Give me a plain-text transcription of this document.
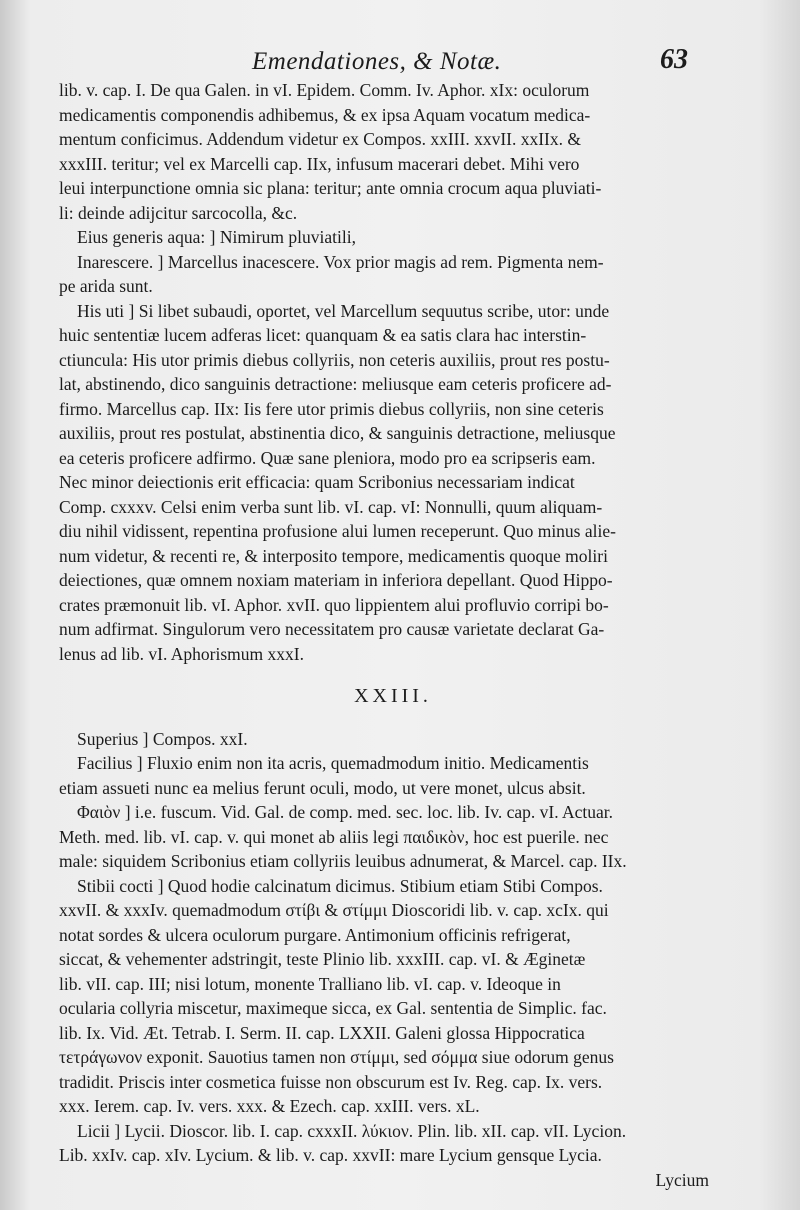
Emendationes, & Notæ.	63
lib. v. cap. I. De qua Galen. in vI. Epidem. Comm. Iv. Aphor. xIx: oculorum
medicamentis componendis adhibemus, & ex ipsa Aquam vocatum medica-
mentum conficimus. Addendum videtur ex Compos. xxIII. xxvII. xxIIx. &
xxxIII. teritur; vel ex Marcelli cap. IIx, infusum macerari debet. Mihi vero
leui interpunctione omnia sic plana: teritur; ante omnia crocum aqua pluviati-
li: deinde adijcitur sarcocolla, &c.
Eius generis aqua: ] Nimirum pluviatili,
Inarescere. ] Marcellus inacescere. Vox prior magis ad rem. Pigmenta nem-
pe arida sunt.
His uti ] Si libet subaudi, oportet, vel Marcellum sequutus scribe, utor: unde
huic sententiæ lucem adferas licet: quanquam & ea satis clara hac interstin-
ctiuncula: His utor primis diebus collyriis, non ceteris auxiliis, prout res postu-
lat, abstinendo, dico sanguinis detractione: meliusque eam ceteris proficere ad-
firmo. Marcellus cap. IIx: Iis fere utor primis diebus collyriis, non sine ceteris
auxiliis, prout res postulat, abstinentia dico, & sanguinis detractione, meliusque
ea ceteris proficere adfirmo. Quæ sane pleniora, modo pro ea scripseris eam.
Nec minor deiectionis erit efficacia: quam Scribonius necessariam indicat
Comp. cxxxv. Celsi enim verba sunt lib. vI. cap. vI: Nonnulli, quum aliquam-
diu nihil vidissent, repentina profusione alui lumen receperunt. Quo minus alie-
num videtur, & recenti re, & interposito tempore, medicamentis quoque moliri
deiectiones, quæ omnem noxiam materiam in inferiora depellant. Quod Hippo-
crates præmonuit lib. vI. Aphor. xvII. quo lippientem alui profluvio corripi bo-
num adfirmat. Singulorum vero necessitatem pro causæ varietate declarat Ga-
lenus ad lib. vI. Aphorismum xxxI.
XXIII.
Superius ] Compos. xxI.
Facilius ] Fluxio enim non ita acris, quemadmodum initio. Medicamentis
etiam assueti nunc ea melius ferunt oculi, modo, ut vere monet, ulcus absit.
Φαιὸν ] i.e. fuscum. Vid. Gal. de comp. med. sec. loc. lib. Iv. cap. vI. Actuar.
Meth. med. lib. vI. cap. v. qui monet ab aliis legi παιδικὸν, hoc est puerile. nec
male: siquidem Scribonius etiam collyriis leuibus adnumerat, & Marcel. cap. IIx.
Stibii cocti ] Quod hodie calcinatum dicimus. Stibium etiam Stibi Compos.
xxvII. & xxxIv. quemadmodum στίβι & στίμμι Dioscoridi lib. v. cap. xcIx. qui
notat sordes & ulcera oculorum purgare. Antimonium officinis refrigerat,
siccat, & vehementer adstringit, teste Plinio lib. xxxIII. cap. vI. & Æginetæ
lib. vII. cap. III; nisi lotum, monente Tralliano lib. vI. cap. v. Ideoque in
ocularia collyria miscetur, maximeque sicca, ex Gal. sententia de Simplic. fac.
lib. Ix. Vid. Æt. Tetrab. I. Serm. II. cap. LXXII. Galeni glossa Hippocratica
τετράγωνον exponit. Sauotius tamen non στίμμι, sed σόμμα siue odorum genus
tradidit. Priscis inter cosmetica fuisse non obscurum est Iv. Reg. cap. Ix. vers.
xxx. Ierem. cap. Iv. vers. xxx. & Ezech. cap. xxIII. vers. xL.
Licii ] Lycii. Dioscor. lib. I. cap. cxxxII. λύκιον. Plin. lib. xII. cap. vII. Lycion.
Lib. xxIv. cap. xIv. Lycium. & lib. v. cap. xxvII: mare Lycium gensque Lycia.
Lycium
